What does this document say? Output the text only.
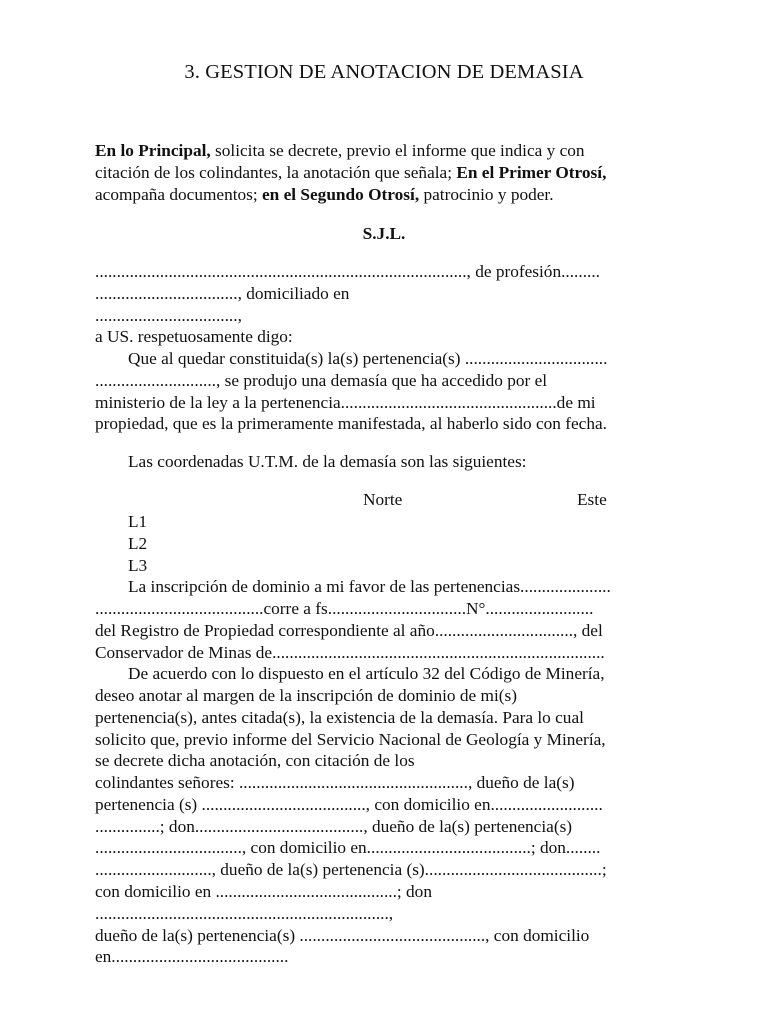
3. GESTION DE ANOTACION DE DEMASIA
En lo Principal, solicita se decrete, previo el informe que indica y con
citación de los colindantes, la anotación que señala; En el Primer Otrosí,
acompaña documentos; en el Segundo Otrosí, patrocinio y poder.
S.J.L.
......................................................................................, de profesión.........
................................., domiciliado en
.................................,
a US. respetuosamente digo:
Que al quedar constituida(s) la(s) pertenencia(s) .................................
............................, se produjo una demasía que ha accedido por el
ministerio de la ley a la pertenencia..................................................de mi
propiedad, que es la primeramente manifestada, al haberlo sido con fecha.
Las coordenadas U.T.M. de la demasía son las siguientes:
Norte	Este
L1
L2
L3
La inscripción de dominio a mi favor de las pertenencias.....................
.......................................corre a fs................................N°.........................
del Registro de Propiedad correspondiente al año................................, del
Conservador de Minas de.............................................................................
De acuerdo con lo dispuesto en el artículo 32 del Código de Minería,
deseo anotar al margen de la inscripción de dominio de mi(s)
pertenencia(s), antes citada(s), la existencia de la demasía. Para lo cual
solicito que, previo informe del Servicio Nacional de Geología y Minería,
se decrete dicha anotación, con citación de los
colindantes señores: ....................................................., dueño de la(s)
pertenencia (s) ......................................, con domicilio en..........................
...............; don......................................., dueño de la(s) pertenencia(s)
.................................., con domicilio en......................................; don........
..........................., dueño de la(s) pertenencia (s).........................................;
con domicilio en ..........................................; don
....................................................................,
dueño de la(s) pertenencia(s) ..........................................., con domicilio
en.........................................
